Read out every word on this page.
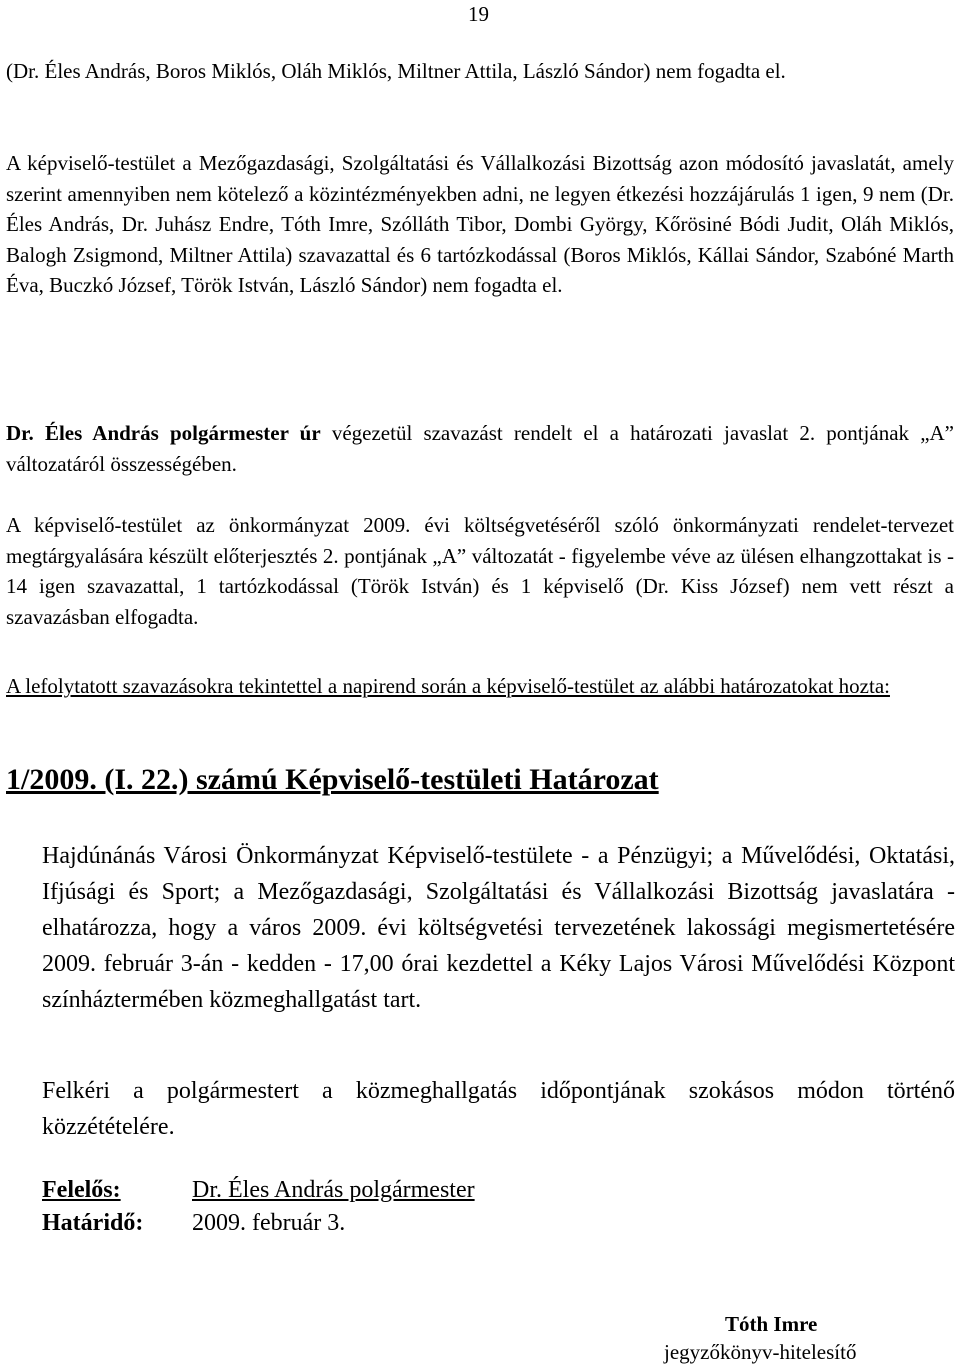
19

(Dr. Éles András, Boros Miklós, Oláh Miklós, Miltner Attila, László Sándor) nem fogadta el.

A képviselő-testület a Mezőgazdasági, Szolgáltatási és Vállalkozási Bizottság azon módosító javaslatát, amely szerint amennyiben nem kötelező a közintézményekben adni, ne legyen étkezési hozzájárulás 1 igen, 9 nem (Dr. Éles András, Dr. Juhász Endre, Tóth Imre, Szólláth Tibor, Dombi György, Kőrösiné Bódi Judit, Oláh Miklós, Balogh Zsigmond, Miltner Attila) szavazattal és 6 tartózkodással (Boros Miklós, Kállai Sándor, Szabóné Marth Éva, Buczkó József, Török István, László Sándor) nem fogadta el.

Dr. Éles András polgármester úr végezetül szavazást rendelt el a határozati javaslat 2. pontjának „A” változatáról összességében.

A képviselő-testület az önkormányzat 2009. évi költségvetéséről szóló önkormányzati rendelet-tervezet megtárgyalására készült előterjesztés 2. pontjának „A” változatát - figyelembe véve az ülésen elhangzottakat is - 14 igen szavazattal, 1 tartózkodással (Török István) és 1 képviselő (Dr. Kiss József) nem vett részt a szavazásban elfogadta.

A lefolytatott szavazásokra tekintettel a napirend során a képviselő-testület az alábbi határozatokat hozta:

1/2009. (I. 22.) számú Képviselő-testületi Határozat

Hajdúnánás Városi Önkormányzat Képviselő-testülete - a Pénzügyi; a Művelődési, Oktatási, Ifjúsági és Sport; a Mezőgazdasági, Szolgáltatási és Vállalkozási Bizottság javaslatára - elhatározza, hogy a város 2009. évi költségvetési tervezetének lakossági megismertetésére 2009. február 3-án - kedden - 17,00 órai kezdettel a Kéky Lajos Városi Művelődési Központ színháztermében közmeghallgatást tart.

Felkéri a polgármestert a közmeghallgatás időpontjának szokásos módon történő közzétételére.

Felelős:	Dr. Éles András polgármester
Határidő: 2009. február 3.
Tóth Imre
jegyzőkönyv-hitelesítő
